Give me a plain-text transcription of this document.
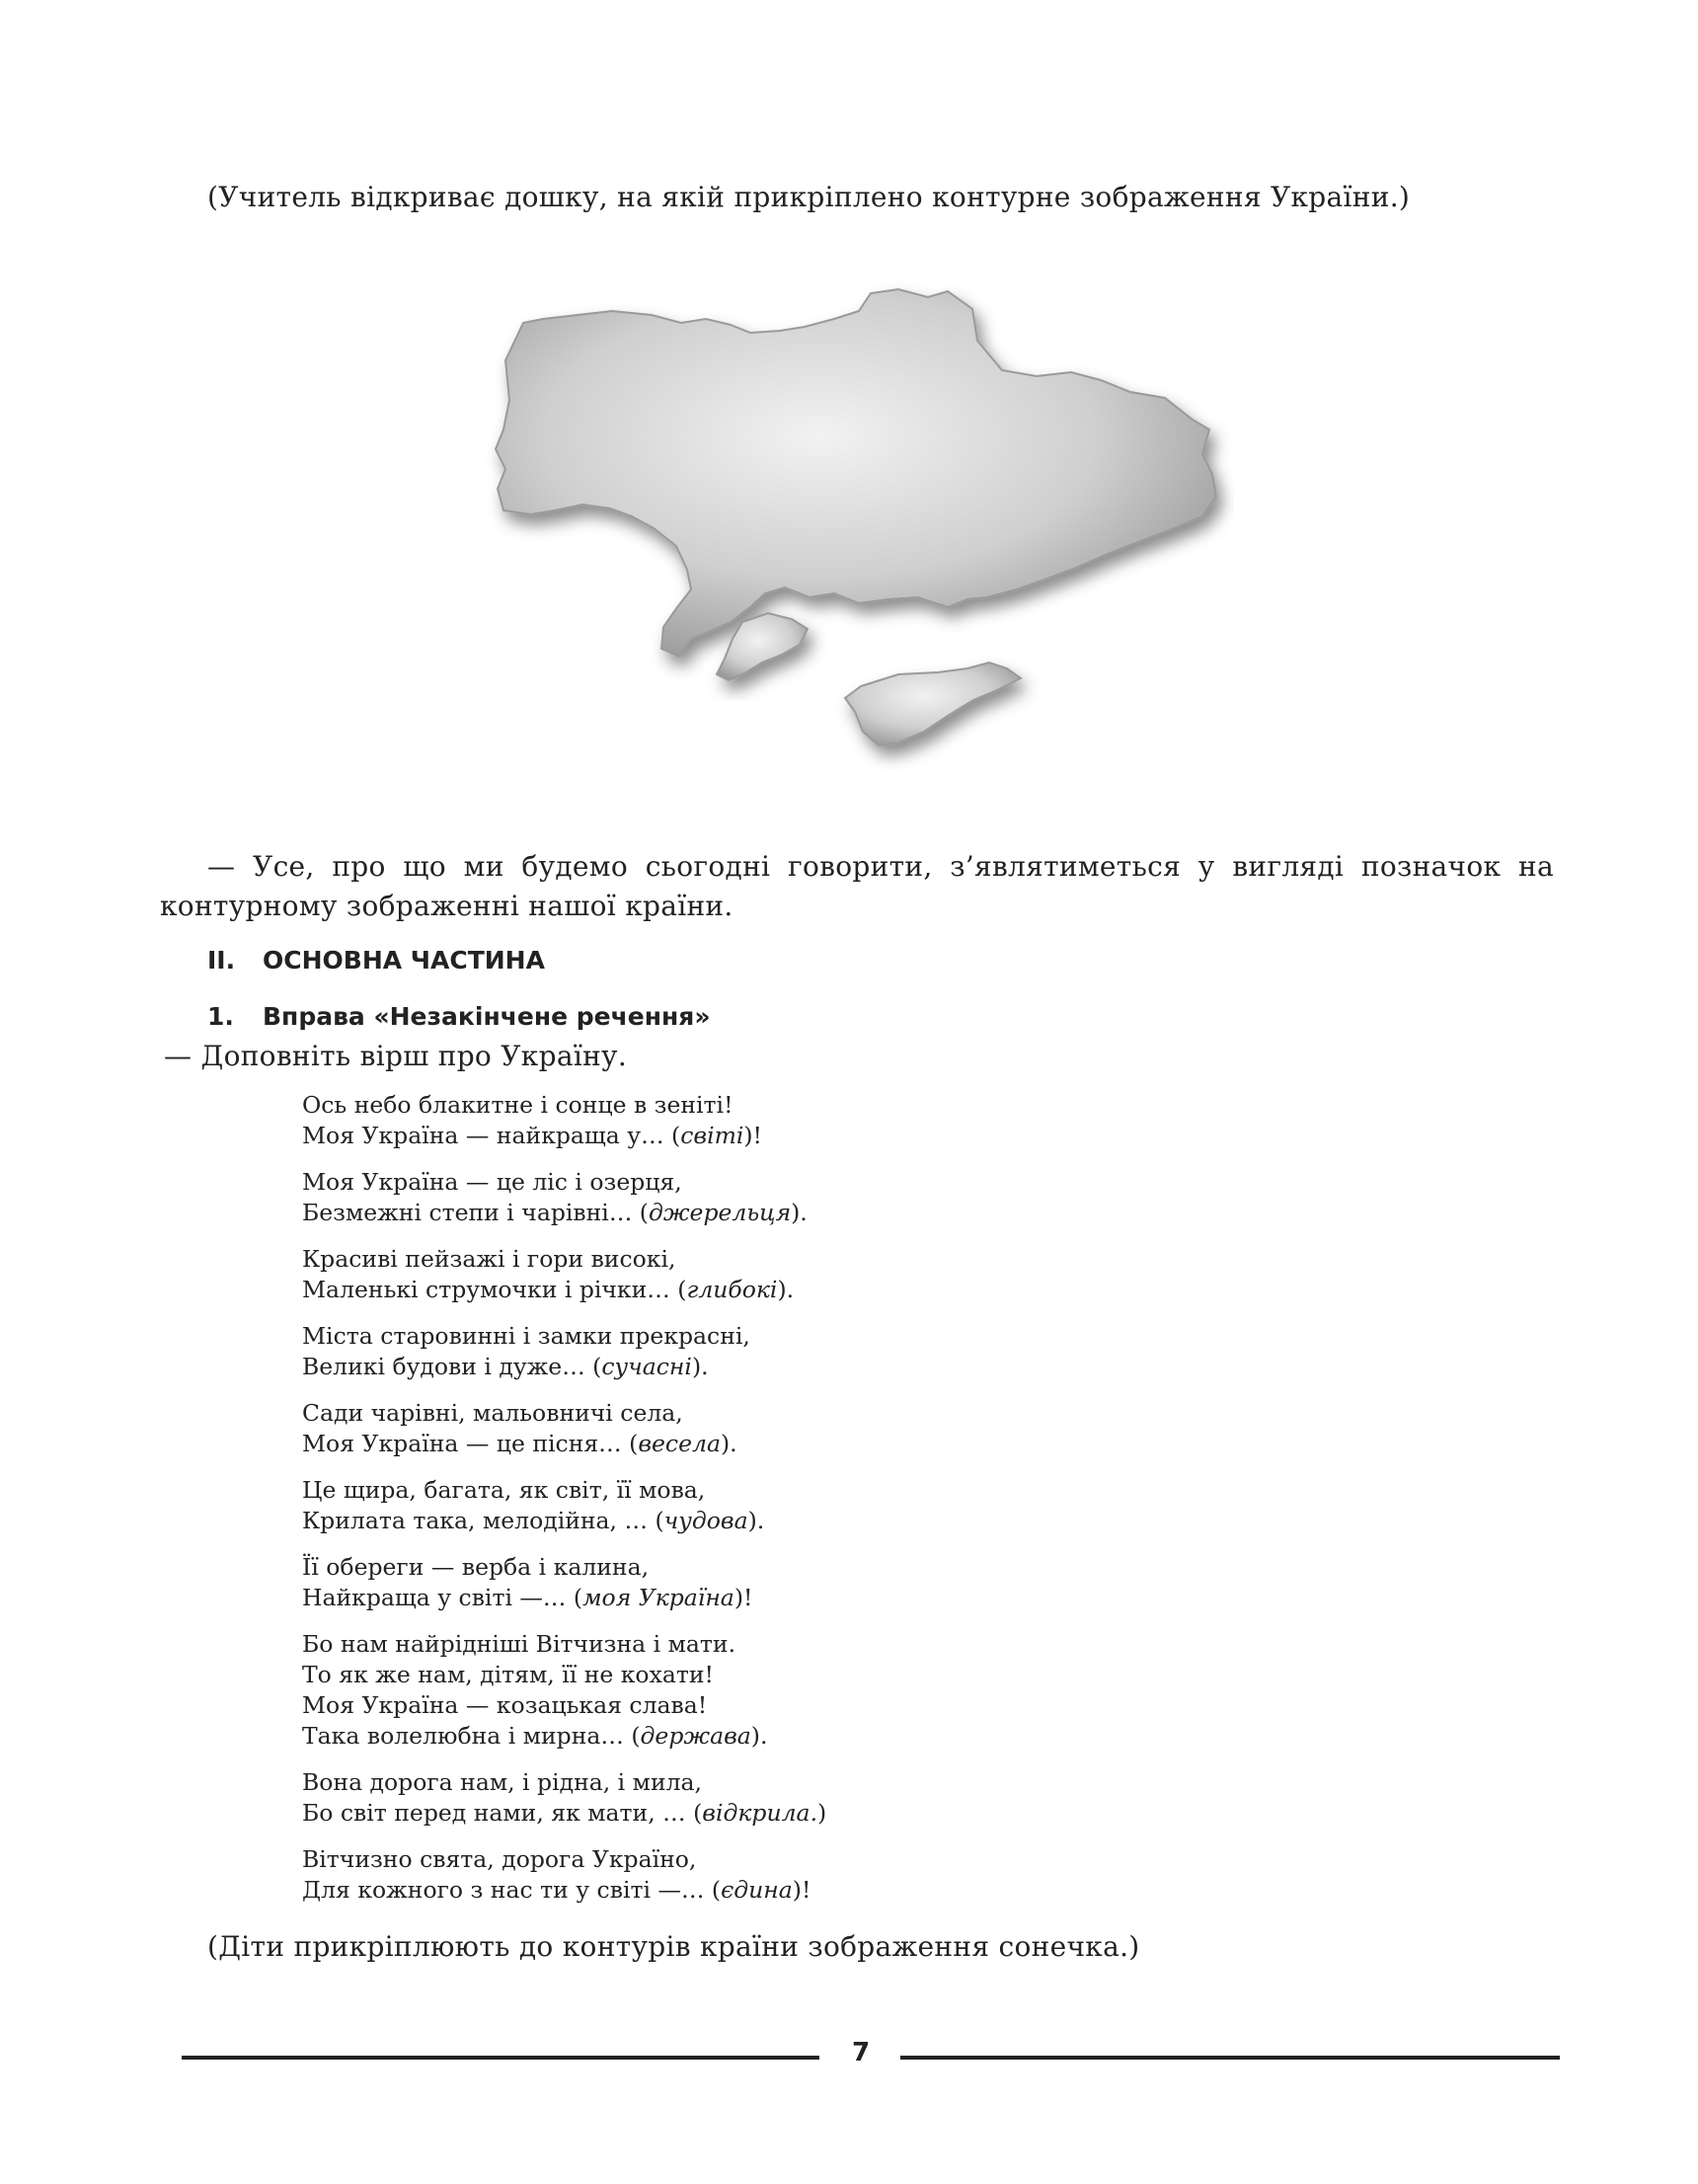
(Учитель відкриває дошку, на якій прикріплено контурне зображення України.)
— Усе, про що ми будемо сьогодні говорити, з’являтиметься у вигляді позначок на контурному зображенні нашої країни.
II. ОСНОВНА ЧАСТИНА
1. Вправа «Незакінчене речення»
— Доповніть вірш про Україну.
Ось небо блакитне і сонце в зеніті!
Моя Україна — найкраща у… (світі)!
Моя Україна — це ліс і озерця,
Безмежні степи і чарівні… (джерельця).
Красиві пейзажі і гори високі,
Маленькі струмочки і річки… (глибокі).
Міста старовинні і замки прекрасні,
Великі будови і дуже… (сучасні).
Сади чарівні, мальовничі села,
Моя Україна — це пісня… (весела).
Це щира, багата, як світ, її мова,
Крилата така, мелодійна, … (чудова).
Її обереги — верба і калина,
Найкраща у світі —… (моя Україна)!
Бо нам найрідніші Вітчизна і мати.
То як же нам, дітям, її не кохати!
Моя Україна — козацькая слава!
Така волелюбна і мирна… (держава).
Вона дорога нам, і рідна, і мила,
Бо світ перед нами, як мати, … (відкрила.)
Вітчизно свята, дорога Україно,
Для кожного з нас ти у світі —… (єдина)!
(Діти прикріплюють до контурів країни зображення сонечка.)
7
